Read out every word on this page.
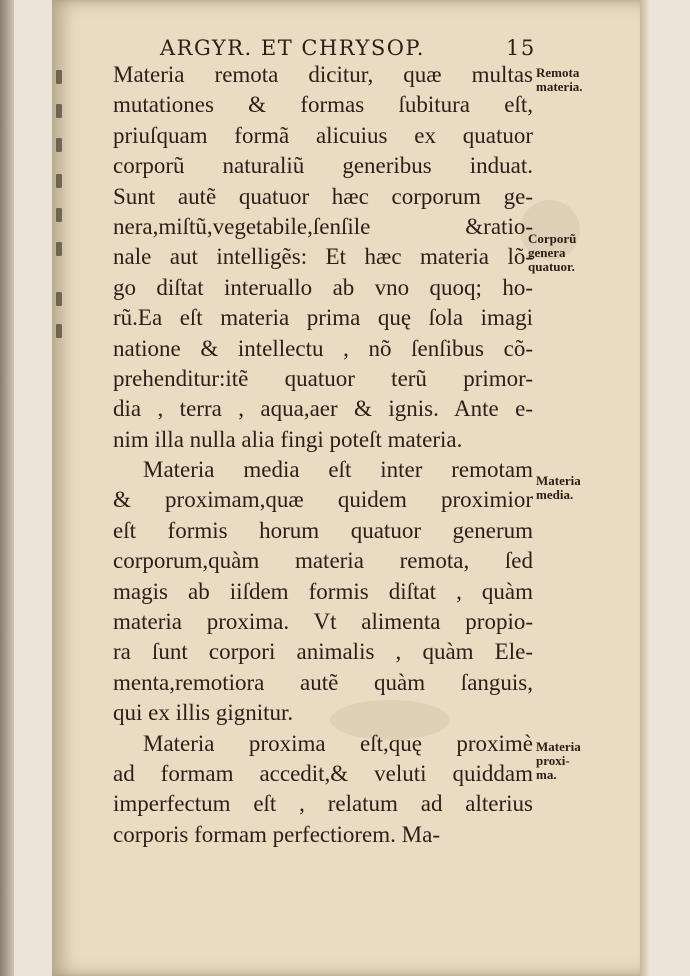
ARGYR. ET CHRYSOP.	15
Materia remota dicitur, quæ multas
mutationes & formas ſubitura eſt,
priuſquam formã alicuius ex quatuor
corporũ naturaliũ generibus induat.
Sunt autẽ quatuor hæc corporum ge-
nera,miſtũ,vegetabile,ſenſile &ratio-
nale aut intelligẽs: Et hæc materia lõ-
go diſtat interuallo ab vno quoq; ho-
rũ.Ea eſt materia prima quę ſola imagi
natione & intellectu , nõ ſenſibus cõ-
prehenditur:itẽ quatuor terũ primor-
dia , terra , aqua,aer & ignis. Ante e-
nim illa nulla alia fingi poteſt materia.
Materia media eſt inter remotam
& proximam,quæ quidem proximior
eſt formis horum quatuor generum
corporum,quàm materia remota, ſed
magis ab iiſdem formis diſtat , quàm
materia proxima. Vt alimenta propio-
ra ſunt corpori animalis , quàm Ele-
menta,remotiora autẽ quàm ſanguis,
qui ex illis gignitur.
Materia proxima eſt,quę proximè
ad formam accedit,& veluti quiddam
imperfectum eſt , relatum ad alterius
corporis formam perfectiorem. Ma-
Remota
materia.
Corporũ
genera
quatuor.
Materia
media.
Materia
proxi-
ma.
